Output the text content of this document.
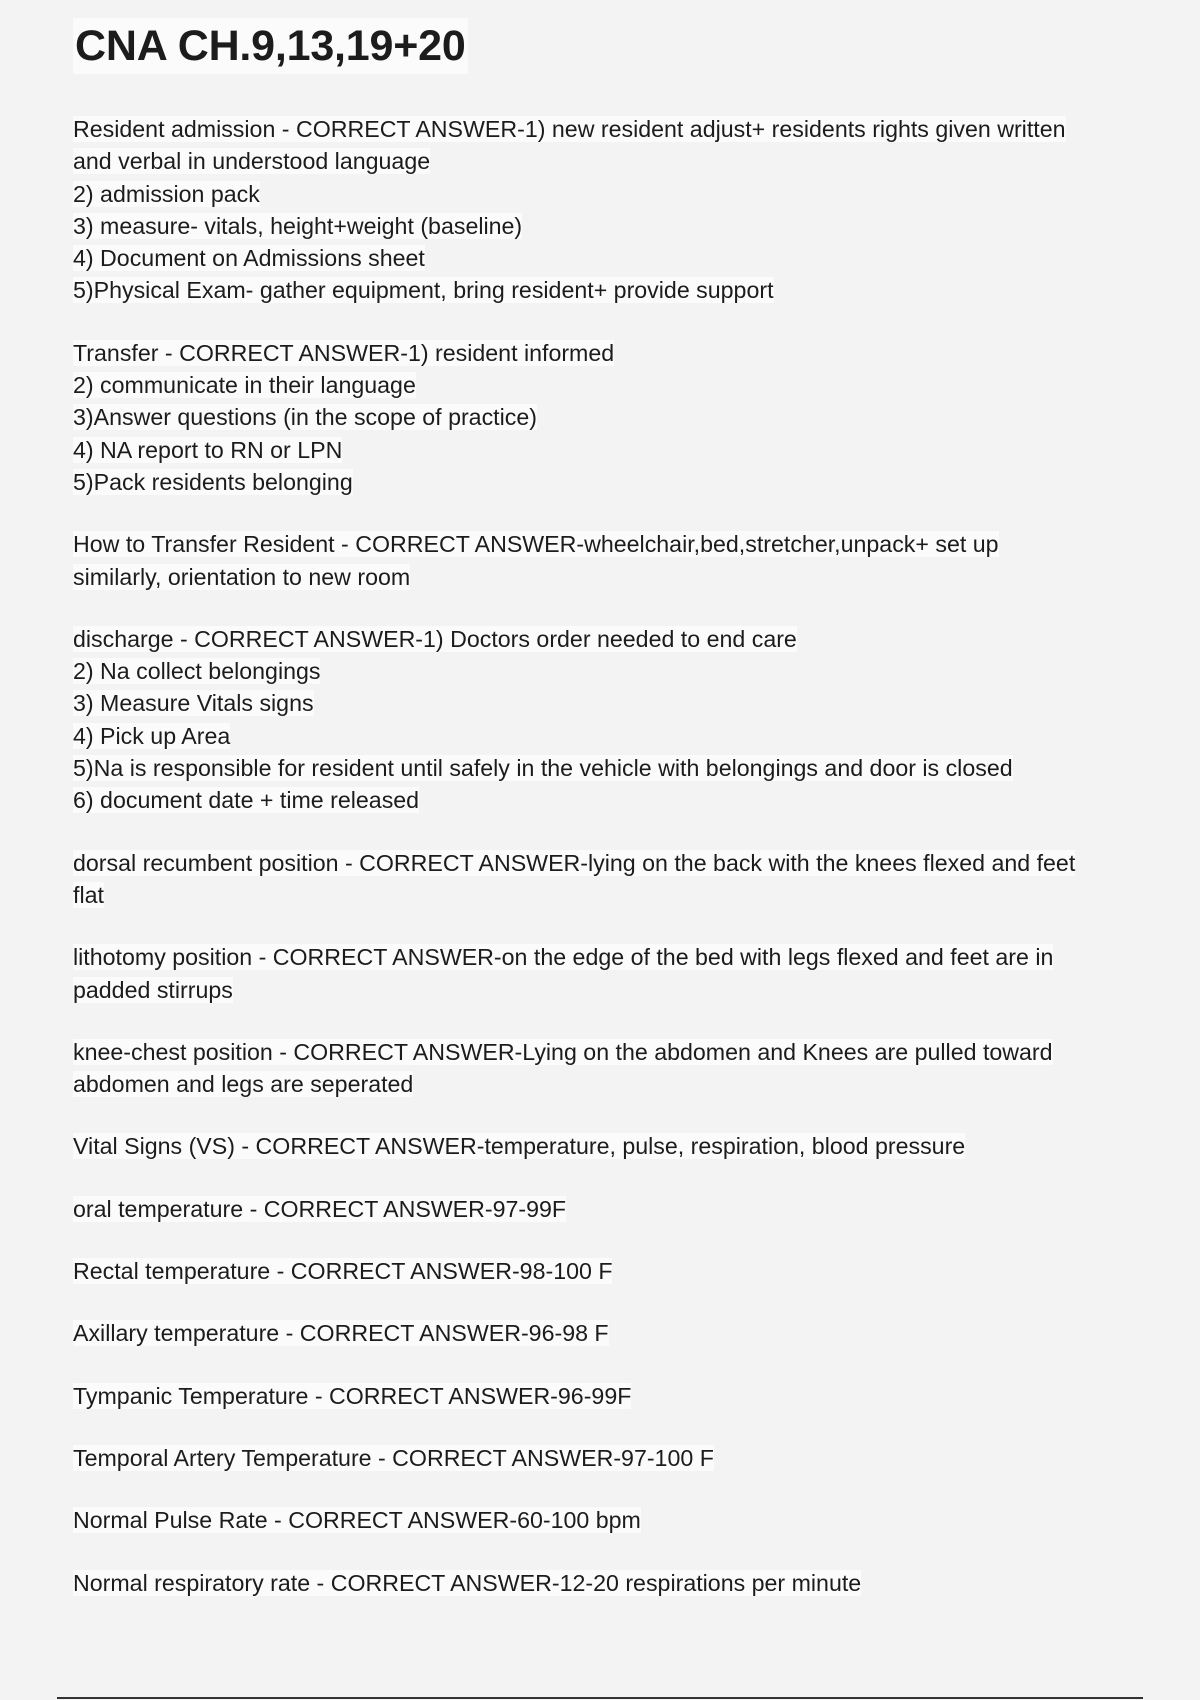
CNA CH.9,13,19+20
Resident admission - CORRECT ANSWER-1) new resident adjust+ residents rights given written
and verbal in understood language
2) admission pack
3) measure- vitals, height+weight (baseline)
4) Document on Admissions sheet
5)Physical Exam- gather equipment, bring resident+ provide support
Transfer - CORRECT ANSWER-1) resident informed
2) communicate in their language
3)Answer questions (in the scope of practice)
4) NA report to RN or LPN
5)Pack residents belonging
How to Transfer Resident - CORRECT ANSWER-wheelchair,bed,stretcher,unpack+ set up
similarly, orientation to new room
discharge - CORRECT ANSWER-1) Doctors order needed to end care
2) Na collect belongings
3) Measure Vitals signs
4) Pick up Area
5)Na is responsible for resident until safely in the vehicle with belongings and door is closed
6) document date + time released
dorsal recumbent position - CORRECT ANSWER-lying on the back with the knees flexed and feet
flat
lithotomy position - CORRECT ANSWER-on the edge of the bed with legs flexed and feet are in
padded stirrups
knee-chest position - CORRECT ANSWER-Lying on the abdomen and Knees are pulled toward
abdomen and legs are seperated
Vital Signs (VS) - CORRECT ANSWER-temperature, pulse, respiration, blood pressure
oral temperature - CORRECT ANSWER-97-99F
Rectal temperature - CORRECT ANSWER-98-100 F
Axillary temperature - CORRECT ANSWER-96-98 F
Tympanic Temperature - CORRECT ANSWER-96-99F
Temporal Artery Temperature - CORRECT ANSWER-97-100 F
Normal Pulse Rate - CORRECT ANSWER-60-100 bpm
Normal respiratory rate - CORRECT ANSWER-12-20 respirations per minute
